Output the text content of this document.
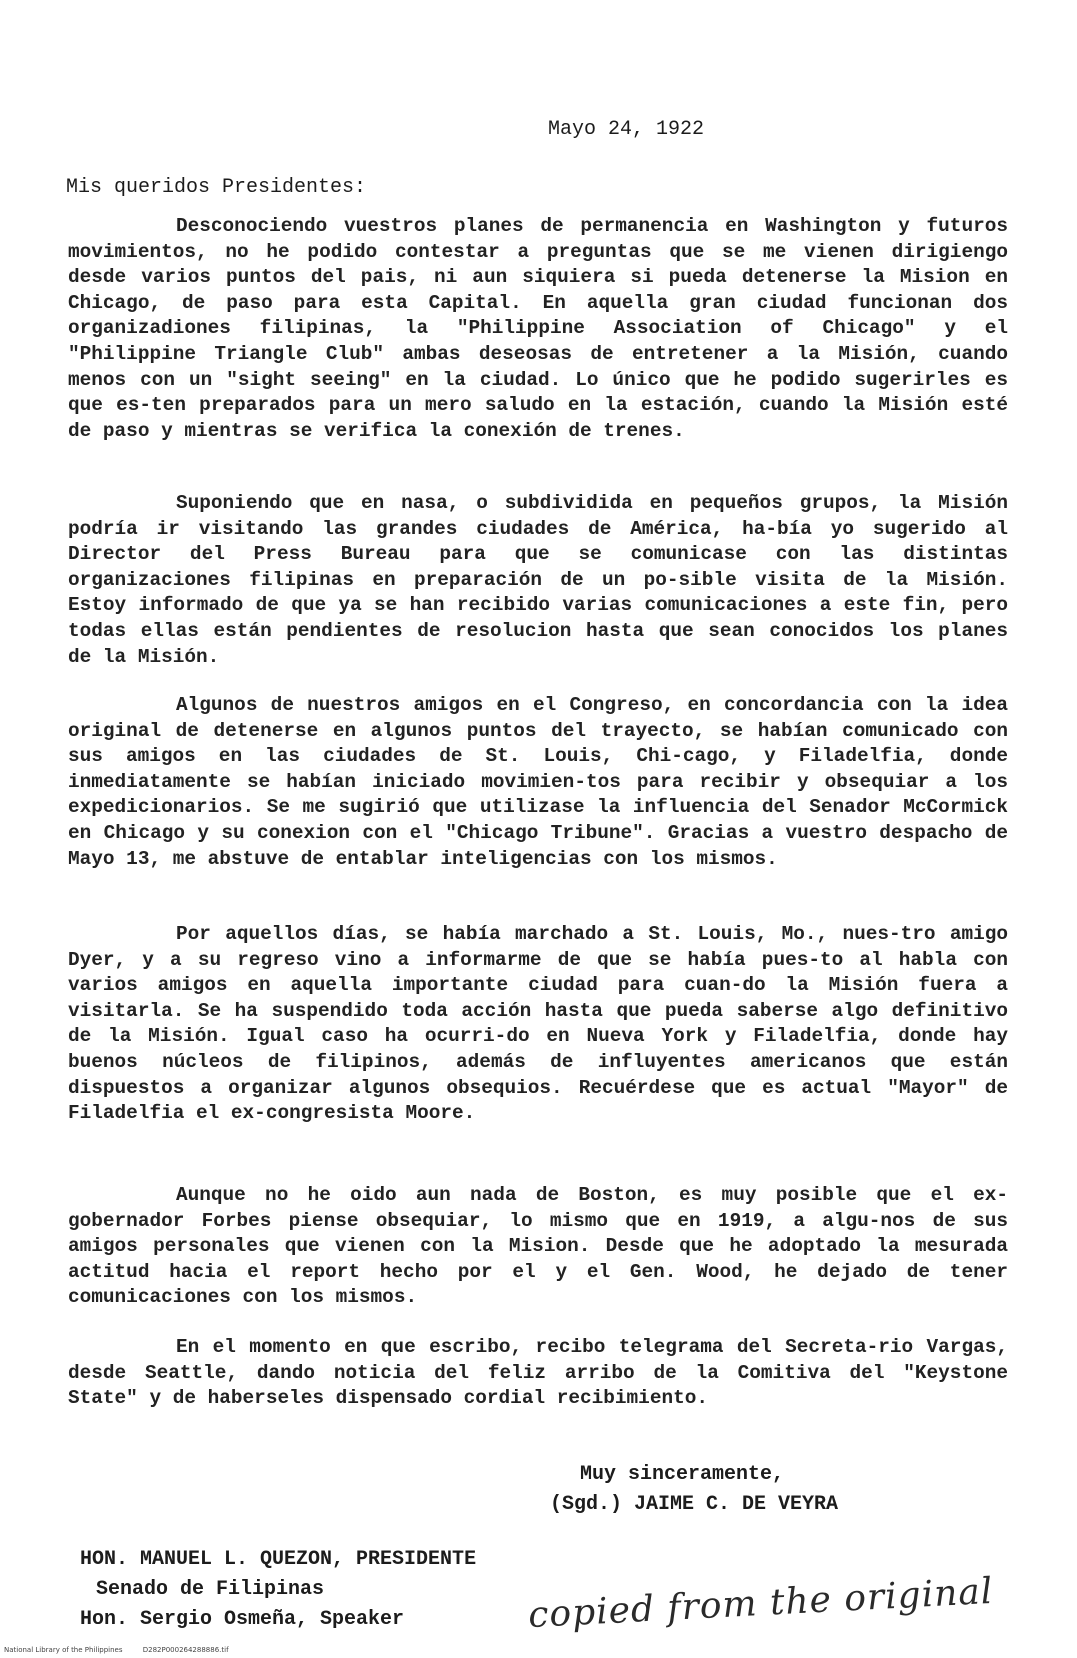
Mayo 24, 1922
Mis queridos Presidentes:

Desconociendo vuestros planes de permanencia en Washington y futuros movimientos, no he podido contestar a preguntas que se me vienen dirigiengo desde varios puntos del pais, ni aun siquiera si pueda detenerse la Mision en Chicago, de paso para esta Capital. En aquella gran ciudad funcionan dos organizadiones filipinas, la "Philippine Association of Chicago" y el "Philippine Triangle Club" ambas deseosas de entretener a la Misión, cuando menos con un "sight seeing" en la ciudad. Lo único que he podido sugerirles es que es-ten preparados para un mero saludo en la estación, cuando la Misión esté de paso y mientras se verifica la conexión de trenes.

Suponiendo que en nasa, o subdividida en pequeños grupos, la Misión podría ir visitando las grandes ciudades de América, ha-bía yo sugerido al Director del Press Bureau para que se comunicase con las distintas organizaciones filipinas en preparación de un po-sible visita de la Misión. Estoy informado de que ya se han recibido varias comunicaciones a este fin, pero todas ellas están pendientes de resolucion hasta que sean conocidos los planes de la Misión.

Algunos de nuestros amigos en el Congreso, en concordancia con la idea original de detenerse en algunos puntos del trayecto, se habían comunicado con sus amigos en las ciudades de St. Louis, Chi-cago, y Filadelfia, donde inmediatamente se habían iniciado movimien-tos para recibir y obsequiar a los expedicionarios. Se me sugirió que utilizase la influencia del Senador McCormick en Chicago y su conexion con el "Chicago Tribune". Gracias a vuestro despacho de Mayo 13, me abstuve de entablar inteligencias con los mismos.

Por aquellos días, se había marchado a St. Louis, Mo., nues-tro amigo Dyer, y a su regreso vino a informarme de que se había pues-to al habla con varios amigos en aquella importante ciudad para cuan-do la Misión fuera a visitarla. Se ha suspendido toda acción hasta que pueda saberse algo definitivo de la Misión. Igual caso ha ocurri-do en Nueva York y Filadelfia, donde hay buenos núcleos de filipinos, además de influyentes americanos que están dispuestos a organizar algunos obsequios. Recuérdese que es actual "Mayor" de Filadelfia el ex-congresista Moore.

Aunque no he oido aun nada de Boston, es muy posible que el ex-gobernador Forbes piense obsequiar, lo mismo que en 1919, a algu-nos de sus amigos personales que vienen con la Mision. Desde que he adoptado la mesurada actitud hacia el report hecho por el y el Gen. Wood, he dejado de tener comunicaciones con los mismos.

En el momento en que escribo, recibo telegrama del Secreta-rio Vargas, desde Seattle, dando noticia del feliz arribo de la Comitiva del "Keystone State" y de haberseles dispensado cordial recibimiento.

Muy sinceramente,
(Sgd.) JAIME C. DE VEYRA
HON. MANUEL L. QUEZON, PRESIDENTE
Senado de Filipinas
Hon. Sergio Osmeña, Speaker	copied from the original
National Library of the Philippines	D282P000264288886.tif
